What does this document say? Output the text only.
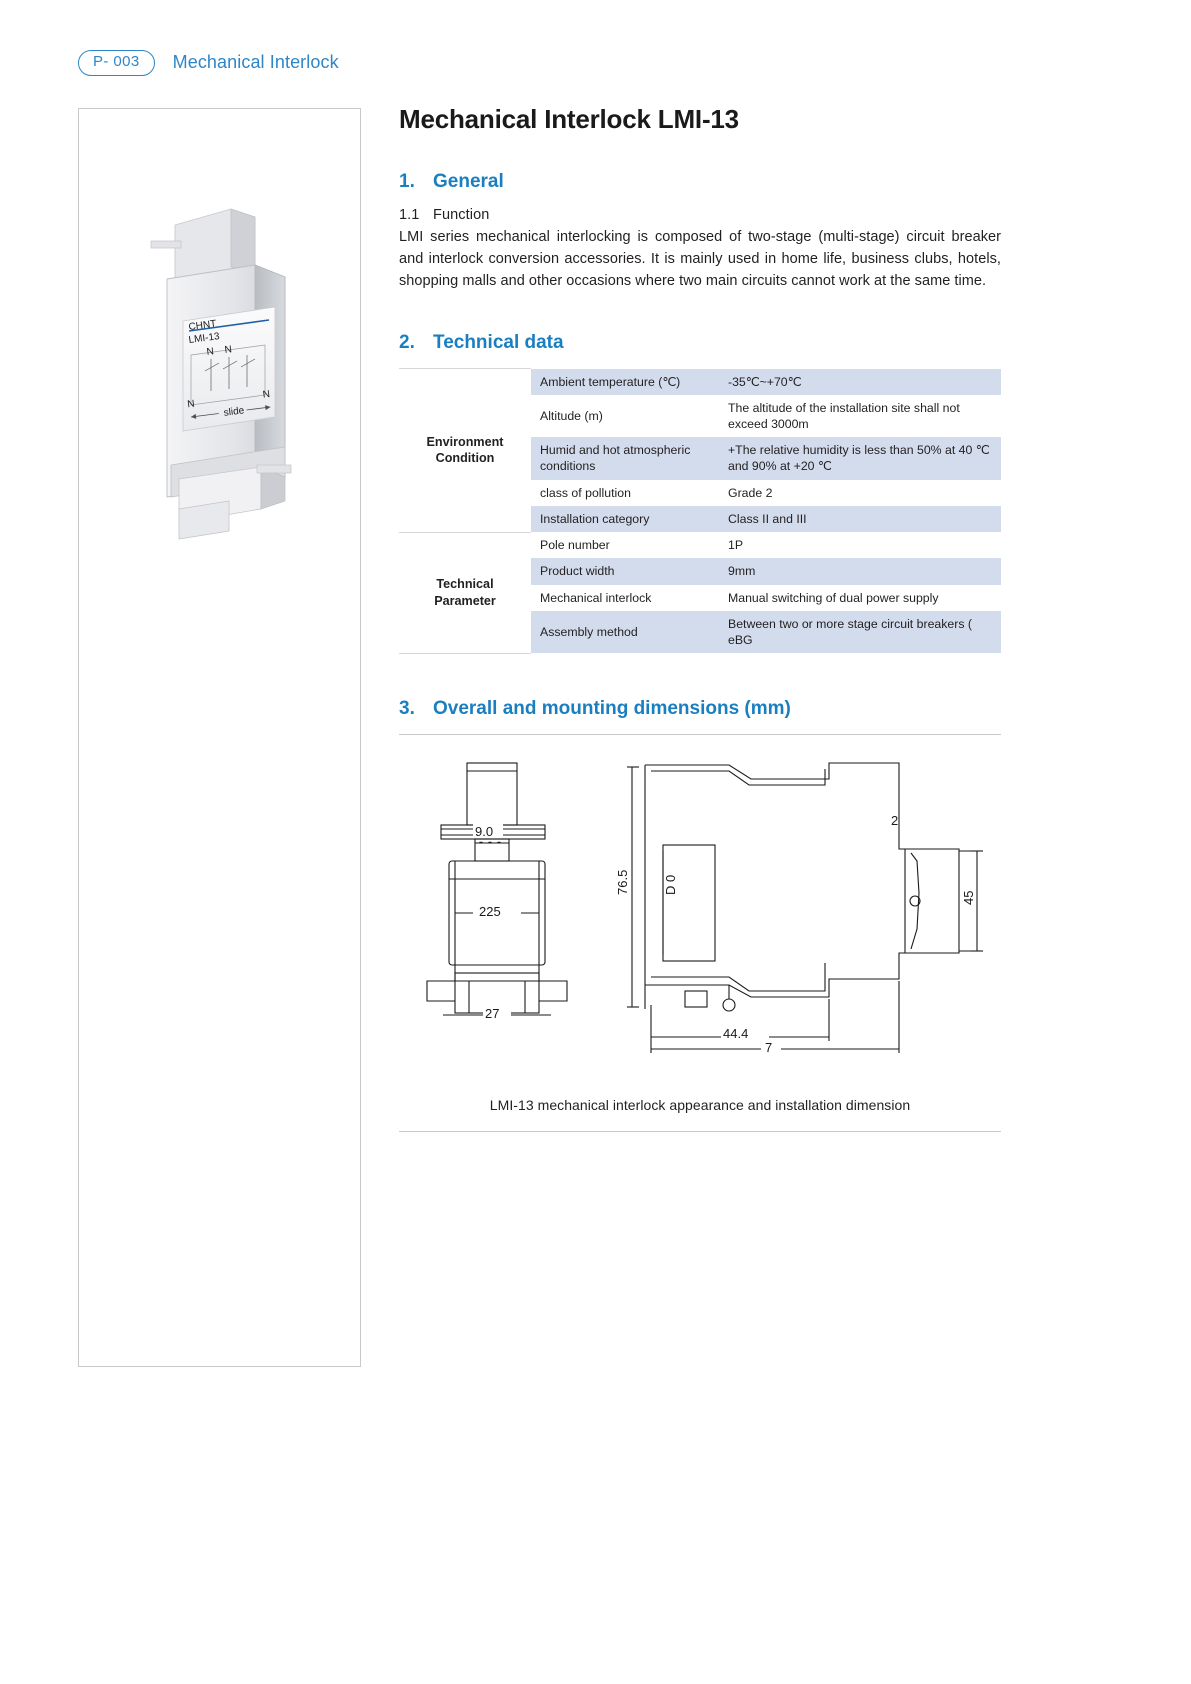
P- 003	Mechanical Interlock
CHNT
LMI-13
N N
slide
N
N
Mechanical Interlock LMI-13
1. General
1.1 Function

LMI series mechanical interlocking is composed of two-stage (multi-stage) circuit breaker and interlock conversion accessories. It is mainly used in home life, business clubs, hotels, shopping malls and other occasions where two main circuits cannot work at the same time.

2. Technical data
Environment Condition	Ambient temperature (℃)	-35℃~+70℃
	Altitude (m)	The altitude of the installation site shall not exceed 3000m
	Humid and hot atmospheric conditions	+The relative humidity is less than 50% at 40 ℃ and 90% at +20 ℃
	class of pollution	Grade 2
	Installation category	Class II and III
Technical Parameter	Pole number	1P
	Product width	9mm
	Mechanical interlock	Manual switching of dual power supply
	Assembly method	Between two or more stage circuit breakers ( eBG
3. Overall and mounting dimensions (mm)
9.0
225
27
76.5	D 0
44.4
7
45
2
LMI-13 mechanical interlock appearance and installation dimension
